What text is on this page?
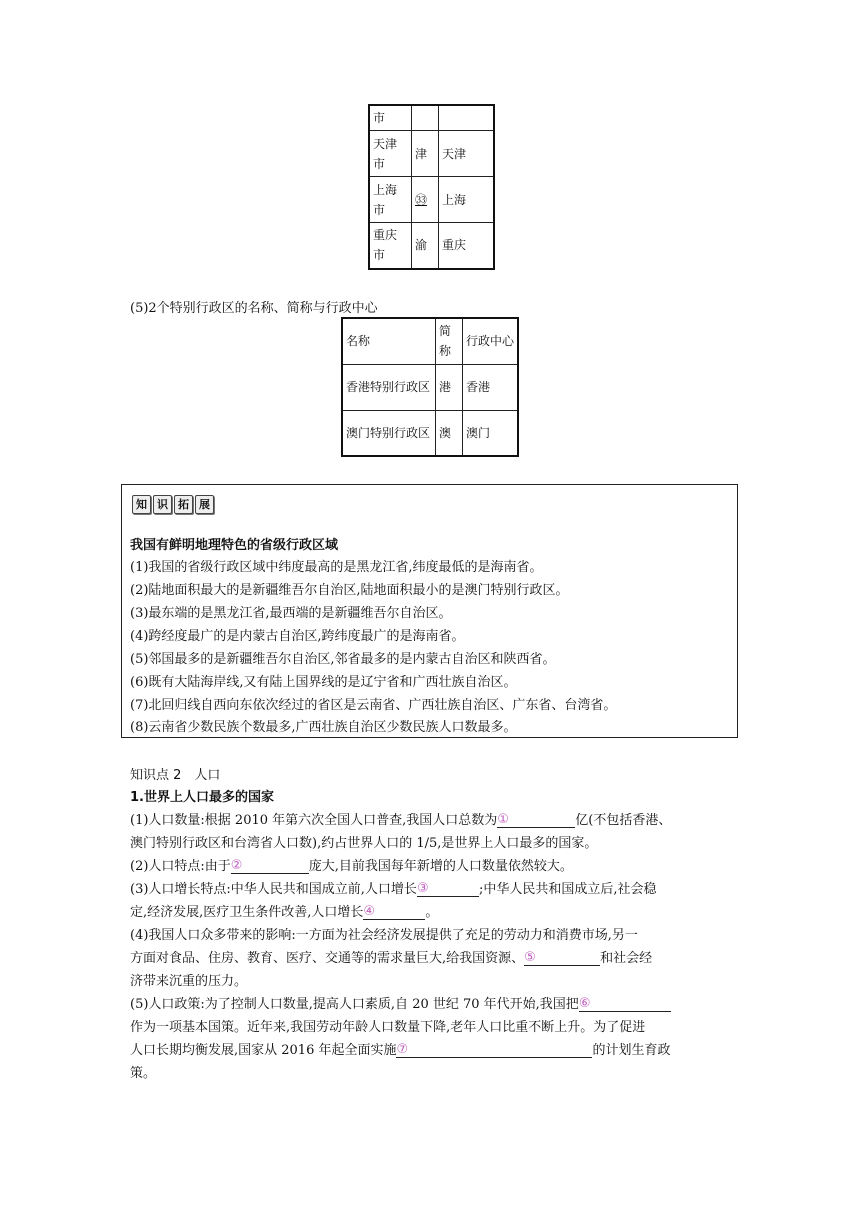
市		
天津市	津	天津
上海市	㉝	上海
重庆市	渝	重庆
(5)2个特别行政区的名称、简称与行政中心
名称	简称	行政中心
香港特别行政区	港	香港
澳门特别行政区	澳	澳门
知 识 拓 展
我国有鲜明地理特色的省级行政区域
(1)我国的省级行政区域中纬度最高的是黑龙江省,纬度最低的是海南省。
(2)陆地面积最大的是新疆维吾尔自治区,陆地面积最小的是澳门特别行政区。
(3)最东端的是黑龙江省,最西端的是新疆维吾尔自治区。
(4)跨经度最广的是内蒙古自治区,跨纬度最广的是海南省。
(5)邻国最多的是新疆维吾尔自治区,邻省最多的是内蒙古自治区和陕西省。
(6)既有大陆海岸线,又有陆上国界线的是辽宁省和广西壮族自治区。
(7)北回归线自西向东依次经过的省区是云南省、广西壮族自治区、广东省、台湾省。
(8)云南省少数民族个数最多,广西壮族自治区少数民族人口数最多。
知识点 2　人口
1.世界上人口最多的国家
(1)人口数量:根据 2010 年第六次全国人口普查,我国人口总数为①	亿(不包括香港、
澳门特别行政区和台湾省人口数),约占世界人口的 1/5,是世界上人口最多的国家。
(2)人口特点:由于②	庞大,目前我国每年新增的人口数量依然较大。
(3)人口增长特点:中华人民共和国成立前,人口增长③	;中华人民共和国成立后,社会稳
定,经济发展,医疗卫生条件改善,人口增长④	。
(4)我国人口众多带来的影响:一方面为社会经济发展提供了充足的劳动力和消费市场,另一
方面对食品、住房、教育、医疗、交通等的需求量巨大,给我国资源、⑤	和社会经
济带来沉重的压力。
(5)人口政策:为了控制人口数量,提高人口素质,自 20 世纪 70 年代开始,我国把⑥
作为一项基本国策。近年来,我国劳动年龄人口数量下降,老年人口比重不断上升。为了促进
人口长期均衡发展,国家从 2016 年起全面实施⑦	的计划生育政
策。
